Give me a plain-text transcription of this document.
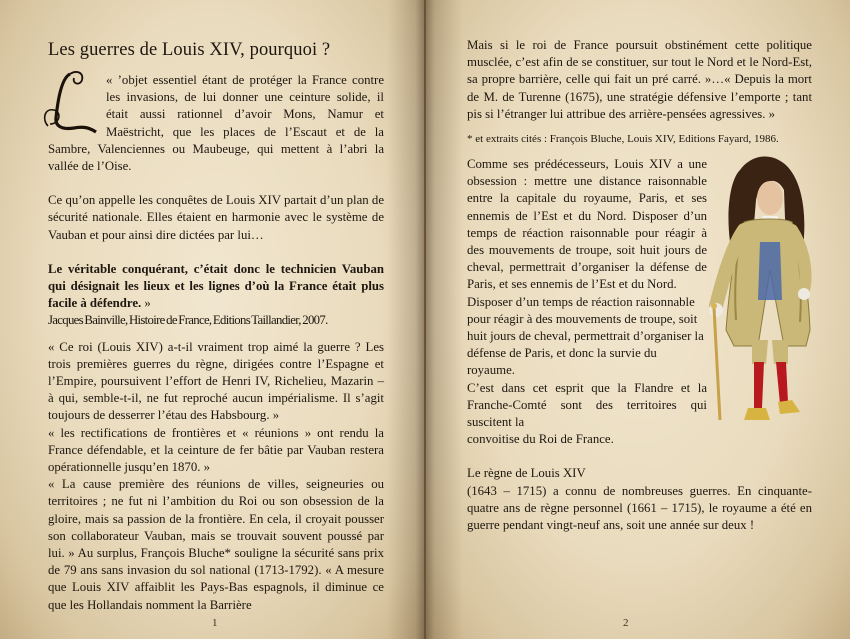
Les guerres de Louis XIV, pourquoi ?

« ’objet essentiel étant de protéger la France contre les invasions, de lui donner une ceinture solide, il était aussi rationnel d’avoir Mons, Namur et Maëstricht, que les places de l’Escaut et de la Sambre, Valenciennes ou Maubeuge, qui mettent à l’abri la vallée de l’Oise.

Ce qu’on appelle les conquêtes de Louis XIV partait d’un plan de sécurité nationale. Elles étaient en harmonie avec le système de Vauban et pour ainsi dire dictées par lui…

Le véritable conquérant, c’était donc le technicien Vauban qui désignait les lieux et les lignes d’où la France était plus facile à défendre. »

Jacques Bainville, Histoire de France, Editions Taillandier, 2007.

« Ce roi (Louis XIV) a-t-il vraiment trop aimé la guerre ? Les trois premières guerres du règne, dirigées contre l’Espagne et l’Empire, poursuivent l’effort de Henri IV, Richelieu, Mazarin – à qui, semble-t-il, ne fut reproché aucun impérialisme. Il s’agit toujours de desserrer l’étau des Habsbourg. »

« les rectifications de frontières et « réunions » ont rendu la France défendable, et la ceinture de fer bâtie par Vauban restera opérationnelle jusqu’en 1870. »

« La cause première des réunions de villes, seigneuries ou territoires ; ne fut ni l’ambition du Roi ou son obsession de la gloire, mais sa passion de la frontière. En cela, il croyait pousser son collaborateur Vauban, mais se trouvait souvent poussé par lui. » Au surplus, François Bluche* souligne la sécurité sans prix de 79 ans sans invasion du sol national (1713-1792). « A mesure que Louis XIV affaiblit les Pays-Bas espagnols, il diminue ce que les Hollandais nomment la Barrière

1

Mais si le roi de France poursuit obstinément cette politique musclée, c’est afin de se constituer, sur tout le Nord et le Nord-Est, sa propre barrière, celle qui fait un pré carré. »…« Depuis la mort de M. de Turenne (1675), une stratégie défensive l’emporte ; tant pis si l’étranger lui attribue des arrière-pensées agressives. »

* et extraits cités : François Bluche, Louis XIV, Editions Fayard, 1986.

Comme ses prédécesseurs, Louis XIV a une obsession : mettre une distance raisonnable entre la capitale du royaume, Paris, et ses ennemis de l’Est et du Nord. Disposer d’un temps de réaction raisonnable pour réagir à des mouvements de troupe, soit huit jours de cheval, permettrait d’organiser la défense de Paris, et ses ennemis de l’Est et du Nord.

Disposer d’un temps de réaction raisonnable pour réagir à des mouvements de troupe, soit huit jours de cheval, permettrait d’organiser la défense de Paris, et donc la survie du royaume.

C’est dans cet esprit que la Flandre et la Franche-Comté sont des territoires qui suscitent la

convoitise du Roi de France.

Le règne de Louis XIV

(1643 – 1715) a connu de nombreuses guerres. En cinquante-quatre ans de règne personnel (1661 – 1715), le royaume a été en guerre pendant vingt-neuf ans, soit une année sur deux !

2
